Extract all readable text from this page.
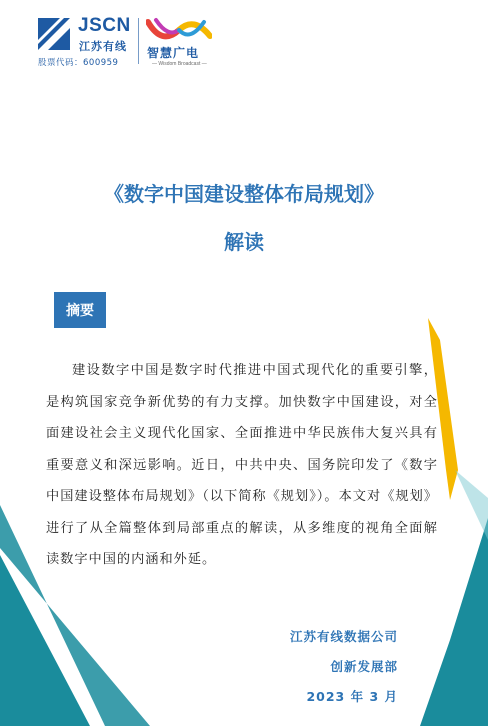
JSCN
江苏有线
股票代码：600959
智慧广电
— Wisdom Broadcast —
《数字中国建设整体布局规划》
解读
摘要

建设数字中国是数字时代推进中国式现代化的重要引擎，是构筑国家竞争新优势的有力支撑。加快数字中国建设，对全面建设社会主义现代化国家、全面推进中华民族伟大复兴具有重要意义和深远影响。近日，中共中央、国务院印发了《数字中国建设整体布局规划》（以下简称《规划》）。本文对《规划》进行了从全篇整体到局部重点的解读，从多维度的视角全面解读数字中国的内涵和外延。

江苏有线数据公司
创新发展部
2023 年 3 月
